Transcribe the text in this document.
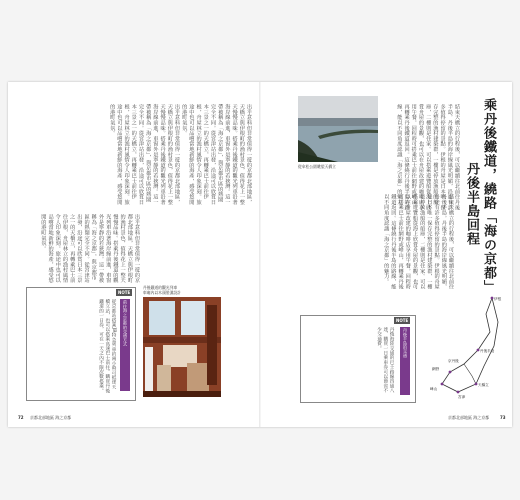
出乎意料但非常值得一遊的京都北部地區，天橋立與伊根町的漁村景色，值得花上一整天慢慢品味。搭乘丹後鐵道的觀光列車沿著海岸線前進，車窗外是寧靜的若狹灣。這一帶被稱為「海之京都」，與京都市區的熱鬧完全不同。從宮津站出發，沿途可以欣賞日本三景之一的天橋立，再轉乘巴士前往伊根，舟屋林立的漁村風情令人印象深刻。旅途中也可以品嚐當地新鮮的海產，感受悠閒的港町氣氛。
出乎意料但非常值得一遊的京都北部地區，天橋立與伊根町的漁村景色，值得花上一整天慢慢品味。搭乘丹後鐵道的觀光列車沿著海岸線前進，車窗外是寧靜的若狹灣。這一帶被稱為「海之京都」，與京都市區的熱鬧完全不同。從宮津站出發，沿途可以欣賞日本三景之一的天橋立，再轉乘巴士前往伊根，舟屋林立的漁村風情令人印象深刻。旅途中也可以品嚐當地新鮮的海產，感受悠閒的港町氣氛。
出乎意料但非常值得一遊的京都北部地區，天橋立與伊根町的漁村景色，值得花上一整天慢慢品味。搭乘丹後鐵道的觀光列車沿著海岸線前進，車窗外是寧靜的若狹灣。這一帶被稱為「海之京都」，與京都市區的熱鬧完全不同。從宮津站出發，沿途可以欣賞日本三景之一的天橋立，再轉乘巴士前往伊根，舟屋林立的漁村風情令人印象深刻。旅途中也可以品嚐當地新鮮的海產，感受悠閒的港町氣氛。
丹後鐵道的觀光列車
車廂內以木頭裝潢設計
NOTE
前往海之京都的交通方式
從京都站搭乘JR特急列車約兩小時可抵達天橋立站，也可以搭乘高速巴士前往。購買丹後鐵道的一日券，可在一天之內不限次數搭乘。
72 京都北部地區 海之京都
從傘松公園眺望天橋立	乘丹後鐵道，繞路「海の京都」
丹後半島回程
結束天橋立的行程後，可以繼續往北前往丹後半島。丹後半島的海岸線風光明媚，沿途有許多值得停留的景點。伊根的舟屋是日本唯一保存完整的漁村建築群，一樓是停放漁船的船庫，二樓則是住家。可以搭乘遊覽船從海上欣賞舟屋的景觀，也可以在舟屋改建的咖啡店享用午餐。回程時可搭乘巴士前往網野或峰山，再轉乘丹後鐵道返回。這條繞行丹後半島的路線，能以不同角度認識「海之京都」的魅力。
結束天橋立的行程後，可以繼續往北前往丹後半島。丹後半島的海岸線風光明媚，沿途有許多值得停留的景點。伊根的舟屋是日本唯一保存完整的漁村建築群，一樓是停放漁船的船庫，二樓則是住家。可以搭乘遊覽船從海上欣賞舟屋的景觀，也可以在舟屋改建的咖啡店享用午餐。回程時可搭乘巴士前往網野或峰山，再轉乘丹後鐵道返回。這條繞行丹後半島的路線，能以不同角度認識「海之京都」的魅力。
NOTE
丹後半島的交通
丹後海陸交通的巴士路線四通八達，購買一日乘車券可以節省不少交通費。
伊根
丹後半島
網野
峰山
天橋立
宮津
京丹後
京都北部地區 海之京都	73
